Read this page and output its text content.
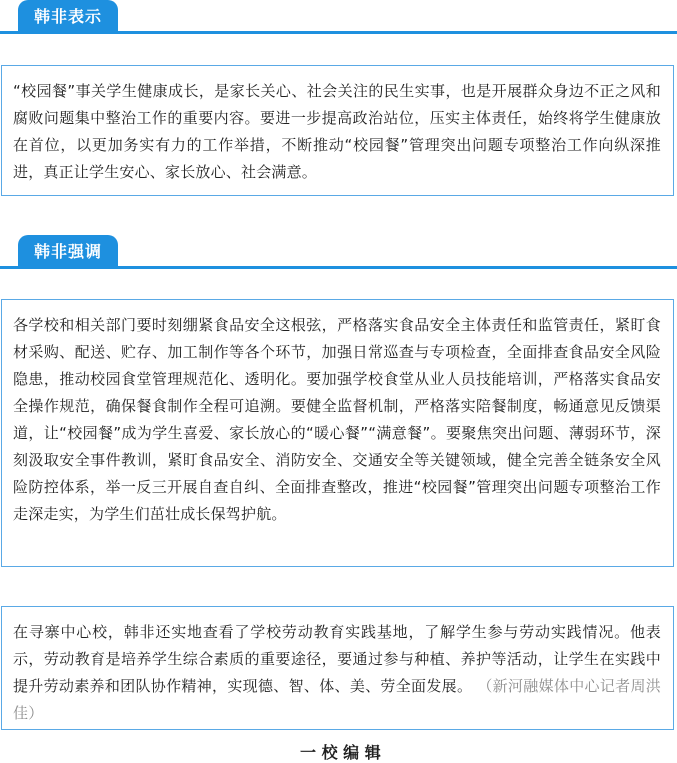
韩非表示
“校园餐”事关学生健康成长，是家长关心、社会关注的民生实事，也是开展群众身边不正之风和腐败问题集中整治工作的重要内容。要进一步提高政治站位，压实主体责任，始终将学生健康放在首位，以更加务实有力的工作举措，不断推动“校园餐”管理突出问题专项整治工作向纵深推进，真正让学生安心、家长放心、社会满意。
韩非强调
各学校和相关部门要时刻绷紧食品安全这根弦，严格落实食品安全主体责任和监管责任，紧盯食材采购、配送、贮存、加工制作等各个环节，加强日常巡查与专项检查，全面排查食品安全风险隐患，推动校园食堂管理规范化、透明化。要加强学校食堂从业人员技能培训，严格落实食品安全操作规范，确保餐食制作全程可追溯。要健全监督机制，严格落实陪餐制度，畅通意见反馈渠道，让“校园餐”成为学生喜爱、家长放心的“暖心餐”“满意餐”。要聚焦突出问题、薄弱环节，深刻汲取安全事件教训，紧盯食品安全、消防安全、交通安全等关键领域，健全完善全链条安全风险防控体系，举一反三开展自查自纠、全面排查整改，推进“校园餐”管理突出问题专项整治工作走深走实，为学生们茁壮成长保驾护航。
在寻寨中心校，韩非还实地查看了学校劳动教育实践基地，了解学生参与劳动实践情况。他表示，劳动教育是培养学生综合素质的重要途径，要通过参与种植、养护等活动，让学生在实践中提升劳动素养和团队协作精神，实现德、智、体、美、劳全面发展。 （新河融媒体中心记者周洪佳）
一 校 编 辑
